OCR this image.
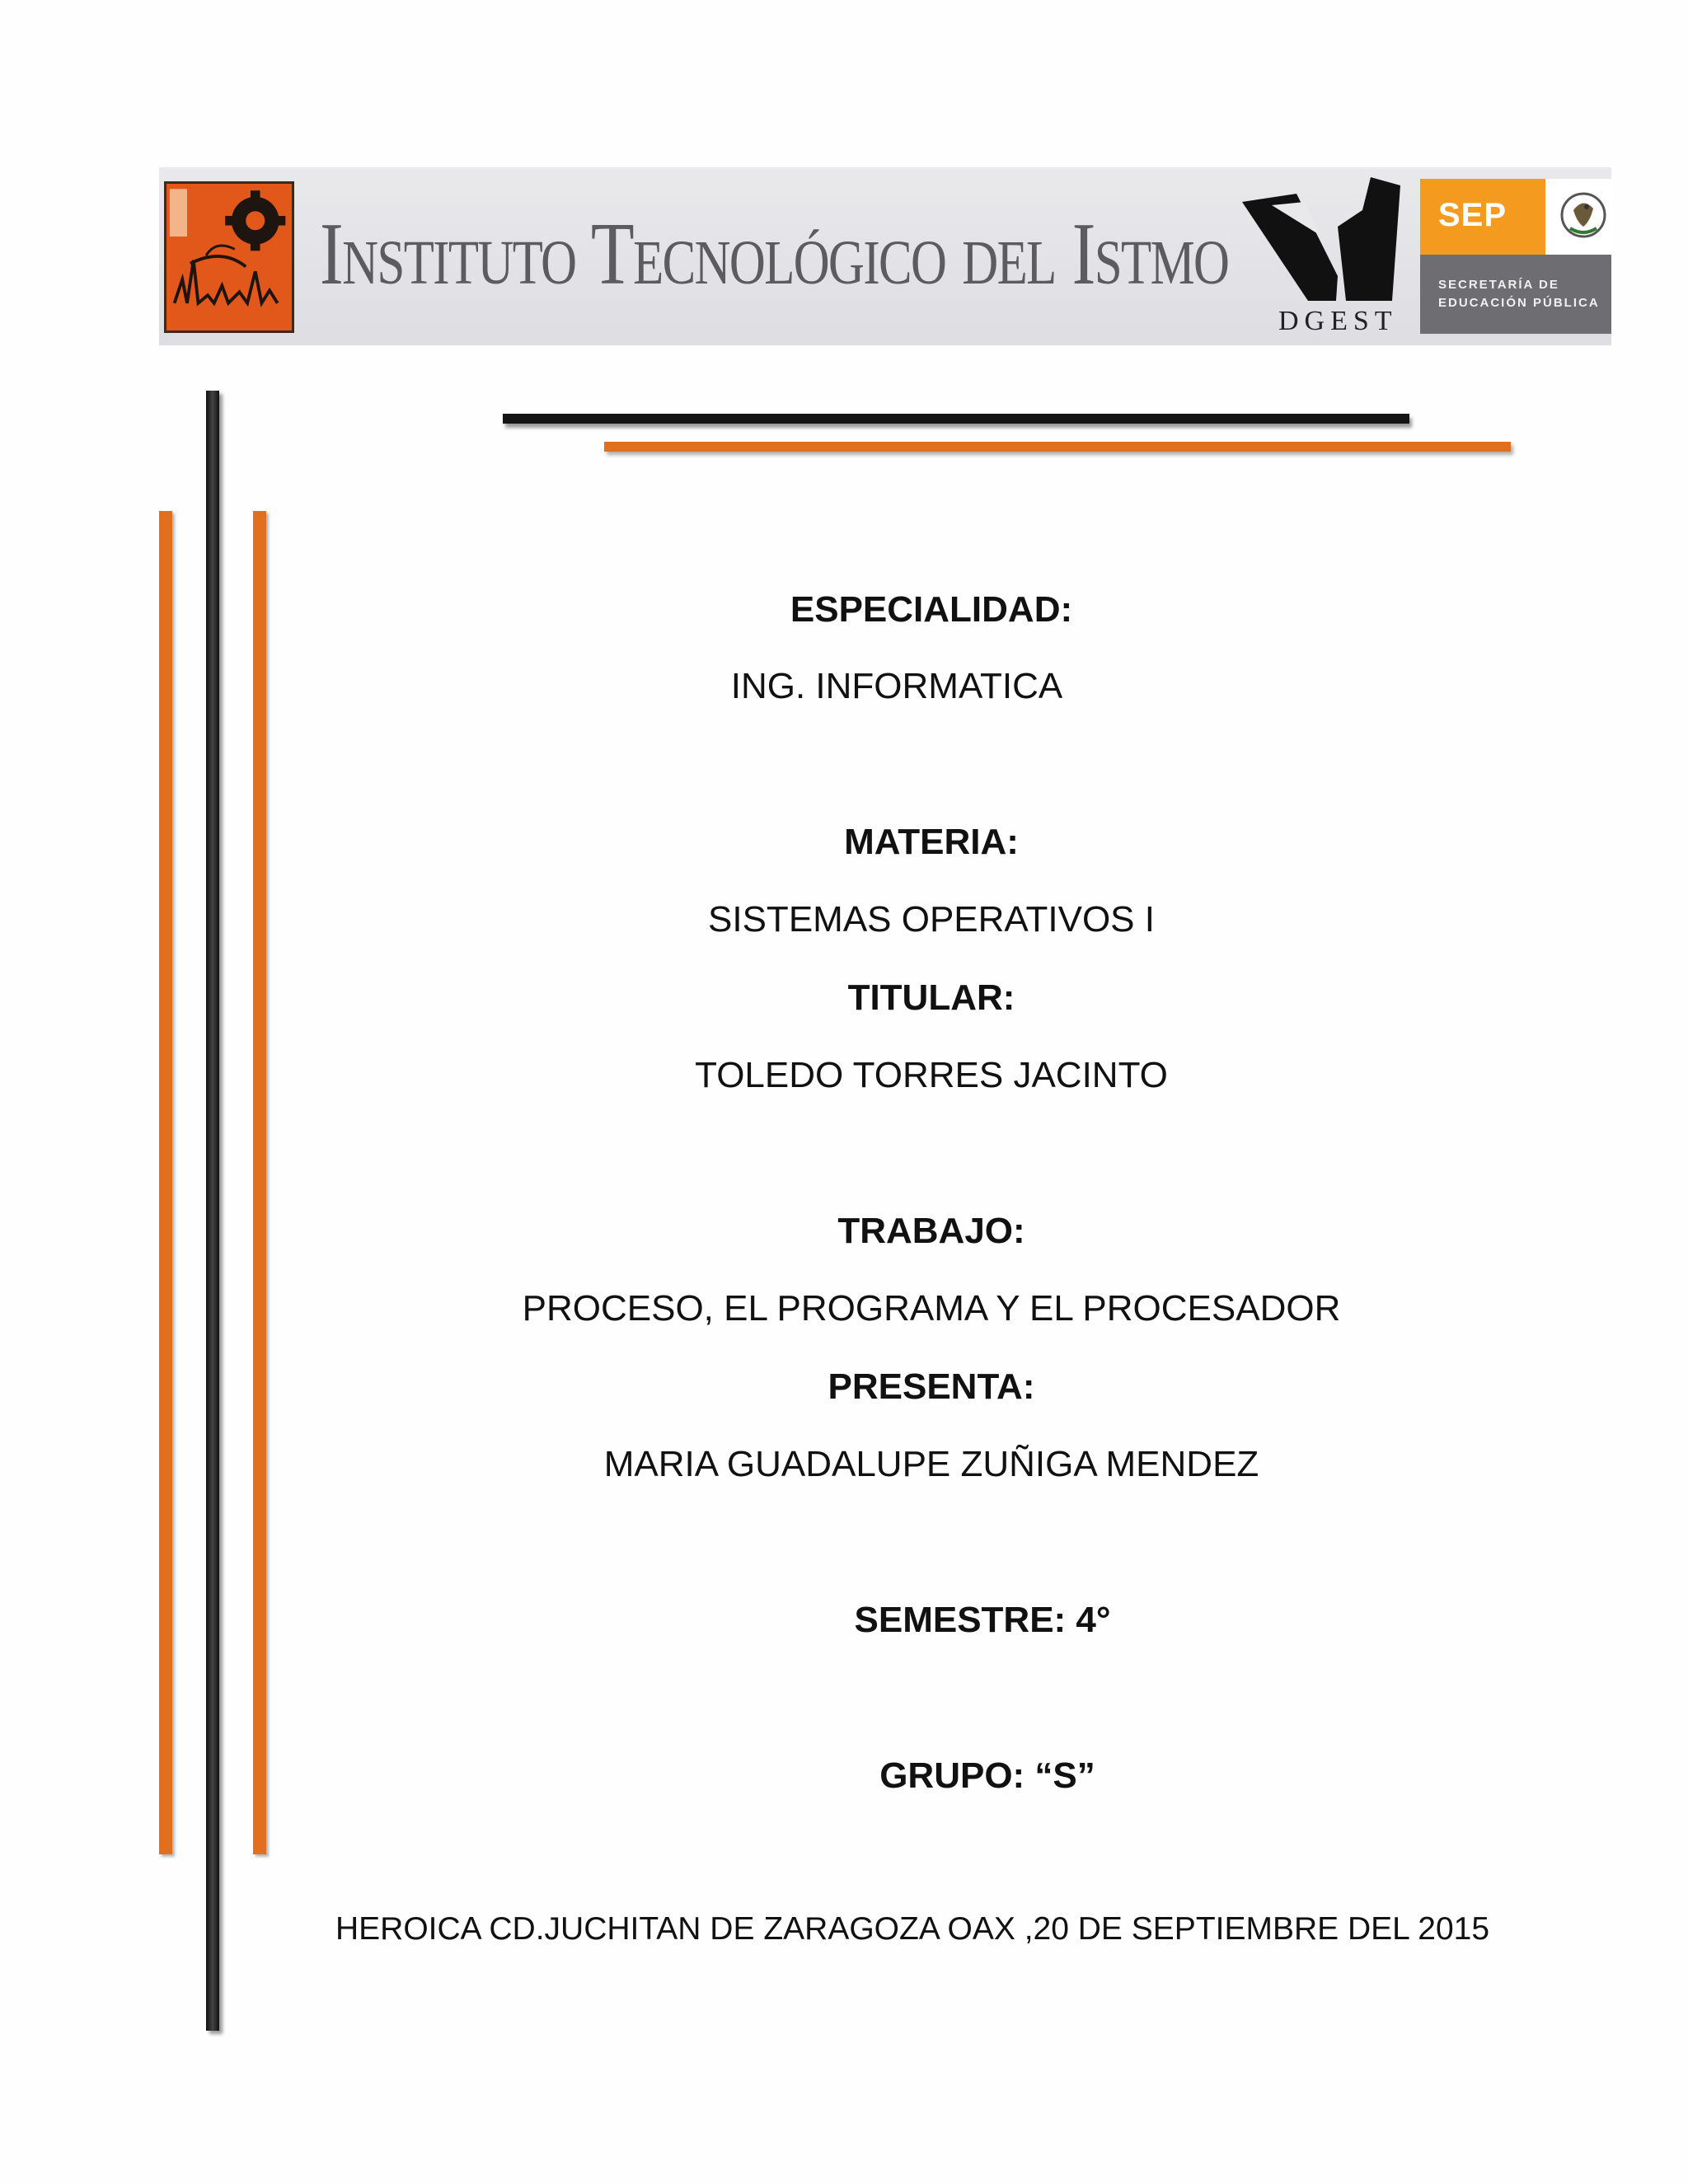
Instituto Tecnológico del Istmo
DGEST
SEP
SECRETARÍA DE EDUCACIÓN PÚBLICA
ESPECIALIDAD:
ING. INFORMATICA
MATERIA:
SISTEMAS OPERATIVOS I
TITULAR:
TOLEDO TORRES JACINTO
TRABAJO:
PROCESO, EL PROGRAMA Y EL PROCESADOR
PRESENTA:
MARIA GUADALUPE ZUÑIGA MENDEZ
SEMESTRE: 4°
GRUPO: “S”
HEROICA CD.JUCHITAN DE ZARAGOZA OAX ,20 DE SEPTIEMBRE DEL 2015
